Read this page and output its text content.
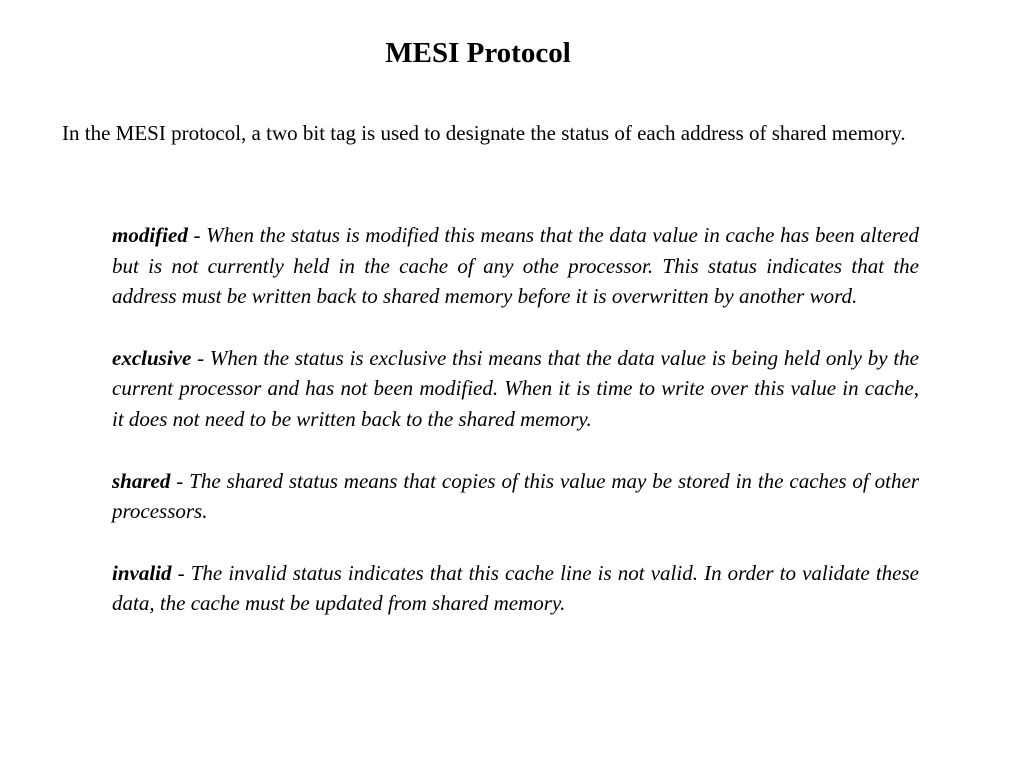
MESI Protocol

In the MESI protocol, a two bit tag is used to designate the status of each address of shared memory.

modified - When the status is modified this means that the data value in cache has been altered but is not currently held in the cache of any othe processor. This status indicates that the address must be written back to shared memory before it is overwritten by another word.

exclusive - When the status is exclusive thsi means that the data value is being held only by the current processor and has not been modified. When it is time to write over this value in cache, it does not need to be written back to the shared memory.

shared - The shared status means that copies of this value may be stored in the caches of other processors.

invalid - The invalid status indicates that this cache line is not valid. In order to validate these data, the cache must be updated from shared memory.
